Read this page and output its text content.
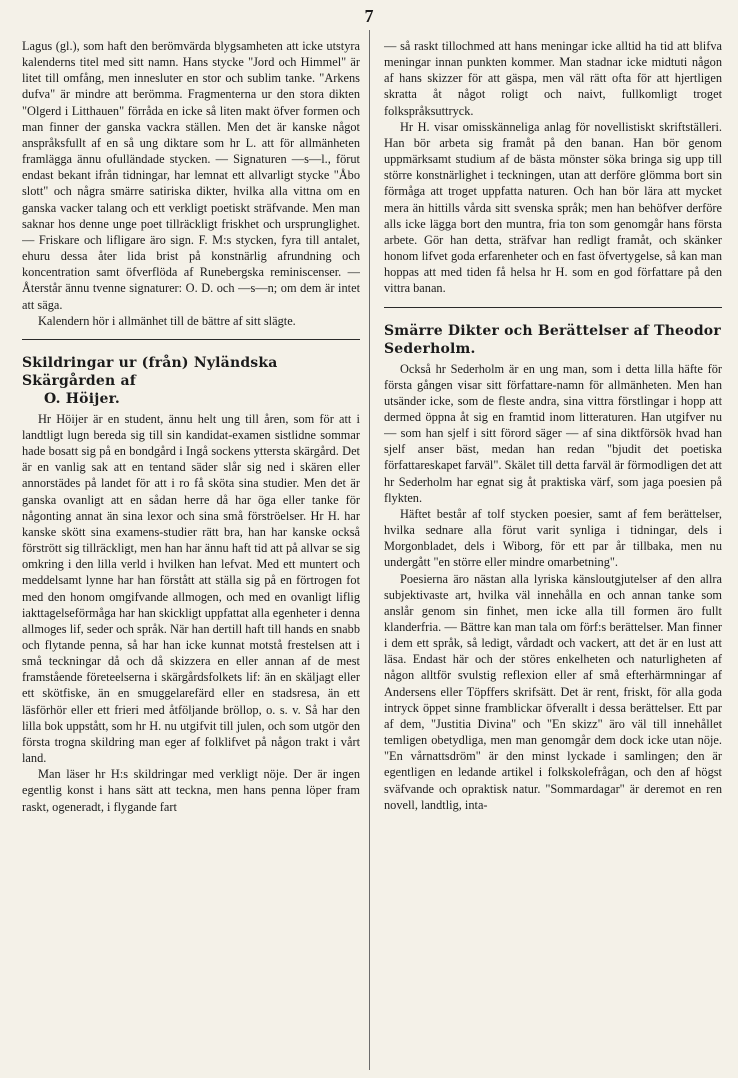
7

Lagus (gl.), som haft den berömvärda blygsamheten att icke utstyra kalenderns titel med sitt namn. Hans stycke "Jord och Himmel" är litet till omfång, men innesluter en stor och sublim tanke. "Arkens dufva" är mindre att berömma. Fragmenterna ur den stora dikten "Olgerd i Litthauen" förråda en icke så liten makt öfver formen och man finner der ganska vackra ställen. Men det är kanske något anspråksfullt af en så ung diktare som hr L. att för allmänheten framlägga ännu ofulländade stycken. — Signaturen —s—l., förut endast bekant ifrån tidningar, har lemnat ett allvarligt stycke "Åbo slott" och några smärre satiriska dikter, hvilka alla vittna om en ganska vacker talang och ett verkligt poetiskt sträfvande. Men man saknar hos denne unge poet tillräckligt friskhet och ursprunglighet. — Friskare och lifligare äro sign. F. M:s stycken, fyra till antalet, ehuru dessa åter lida brist på konstnärlig afrundning och koncentration samt öfverflöda af Runebergska reminiscenser. — Återstår ännu tvenne signaturer: O. D. och —s—n; om dem är intet att säga.

Kalendern hör i allmänhet till de bättre af sitt slägte.

Skildringar ur (från) Nyländska Skärgården af
O. Höijer.

Hr Höijer är en student, ännu helt ung till åren, som för att i landtligt lugn bereda sig till sin kandidat-examen sistlidne sommar hade bosatt sig på en bondgård i Ingå sockens yttersta skärgård. Det är en vanlig sak att en tentand säder slår sig ned i skären eller annorstädes på landet för att i ro få sköta sina studier. Men det är ganska ovanligt att en sådan herre då har öga eller tanke för någonting annat än sina lexor och sina små förströelser. Hr H. har kanske skött sina examens-studier rätt bra, han har kanske också förstrött sig tillräckligt, men han har ännu haft tid att på allvar se sig omkring i den lilla verld i hvilken han lefvat. Med ett muntert och meddelsamt lynne har han förstått att ställa sig på en förtrogen fot med den honom omgifvande allmogen, och med en ovanligt liflig iakttagelseförmåga har han skickligt uppfattat alla egenheter i denna allmoges lif, seder och språk. När han dertill haft till hands en snabb och flytande penna, så har han icke kunnat motstå frestelsen att i små teckningar då och då skizzera en eller annan af de mest framstående företeelserna i skärgårdsfolkets lif: än en skäljagt eller ett skötfiske, än en smuggelarefärd eller en stadsresa, än ett läsförhör eller ett frieri med åtföljande bröllop, o. s. v. Så har den lilla bok uppstått, som hr H. nu utgifvit till julen, och som utgör den första trogna skildring man eger af folklifvet på någon trakt i vårt land.

Man läser hr H:s skildringar med verkligt nöje. Der är ingen egentlig konst i hans sätt att teckna, men hans penna löper fram raskt, ogeneradt, i flygande fart

— så raskt tillochmed att hans meningar icke alltid ha tid att blifva meningar innan punkten kommer. Man stadnar icke midtuti någon af hans skizzer för att gäspa, men väl rätt ofta för att hjertligen skratta åt något roligt och naivt, fullkomligt troget folkspråksuttryck.

Hr H. visar omisskänneliga anlag för novellistiskt skriftställeri. Han bör arbeta sig framåt på den banan. Han bör genom uppmärksamt studium af de bästa mönster söka bringa sig upp till större konstnärlighet i teckningen, utan att derföre glömma bort sin förmåga att troget uppfatta naturen. Och han bör lära att mycket mera än hittills vårda sitt svenska språk; men han behöfver derföre alls icke lägga bort den muntra, fria ton som genomgår hans första arbete. Gör han detta, sträfvar han redligt framåt, och skänker honom lifvet goda erfarenheter och en fast öfvertygelse, så kan man hoppas att med tiden få helsa hr H. som en god författare på den vittra banan.

Smärre Dikter och Berättelser af Theodor Sederholm.

Också hr Sederholm är en ung man, som i detta lilla häfte för första gången visar sitt författare-namn för allmänheten. Men han utsänder icke, som de fleste andra, sina vittra förstlingar i hopp att dermed öppna åt sig en framtid inom litteraturen. Han utgifver nu — som han sjelf i sitt förord säger — af sina diktförsök hvad han sjelf anser bäst, medan han redan "bjudit det poetiska författareskapet farväl". Skälet till detta farväl är förmodligen det att hr Sederholm har egnat sig åt praktiska värf, som jaga poesien på flykten.

Häftet består af tolf stycken poesier, samt af fem berättelser, hvilka sednare alla förut varit synliga i tidningar, dels i Morgonbladet, dels i Wiborg, för ett par år tillbaka, men nu undergått "en större eller mindre omarbetning".

Poesierna äro nästan alla lyriska känsloutgjutelser af den allra subjektivaste art, hvilka väl innehålla en och annan tanke som anslår genom sin finhet, men icke alla till formen äro fullt klanderfria. — Bättre kan man tala om förf:s berättelser. Man finner i dem ett språk, så ledigt, vårdadt och vackert, att det är en lust att läsa. Endast här och der störes enkelheten och naturligheten af någon alltför svulstig reflexion eller af små efterhärmningar af Andersens eller Töpffers skrifsätt. Det är rent, friskt, för alla goda intryck öppet sinne framblickar öfverallt i dessa berättelser. Ett par af dem, "Justitia Divina" och "En skizz" äro väl till innehållet temligen obetydliga, men man genomgår dem dock icke utan nöje. "En vårnattsdröm" är den minst lyckade i samlingen; den är egentligen en ledande artikel i folkskolefrågan, och den af högst sväfvande och opraktisk natur. "Sommardagar" är deremot en ren novell, landtlig, inta-
